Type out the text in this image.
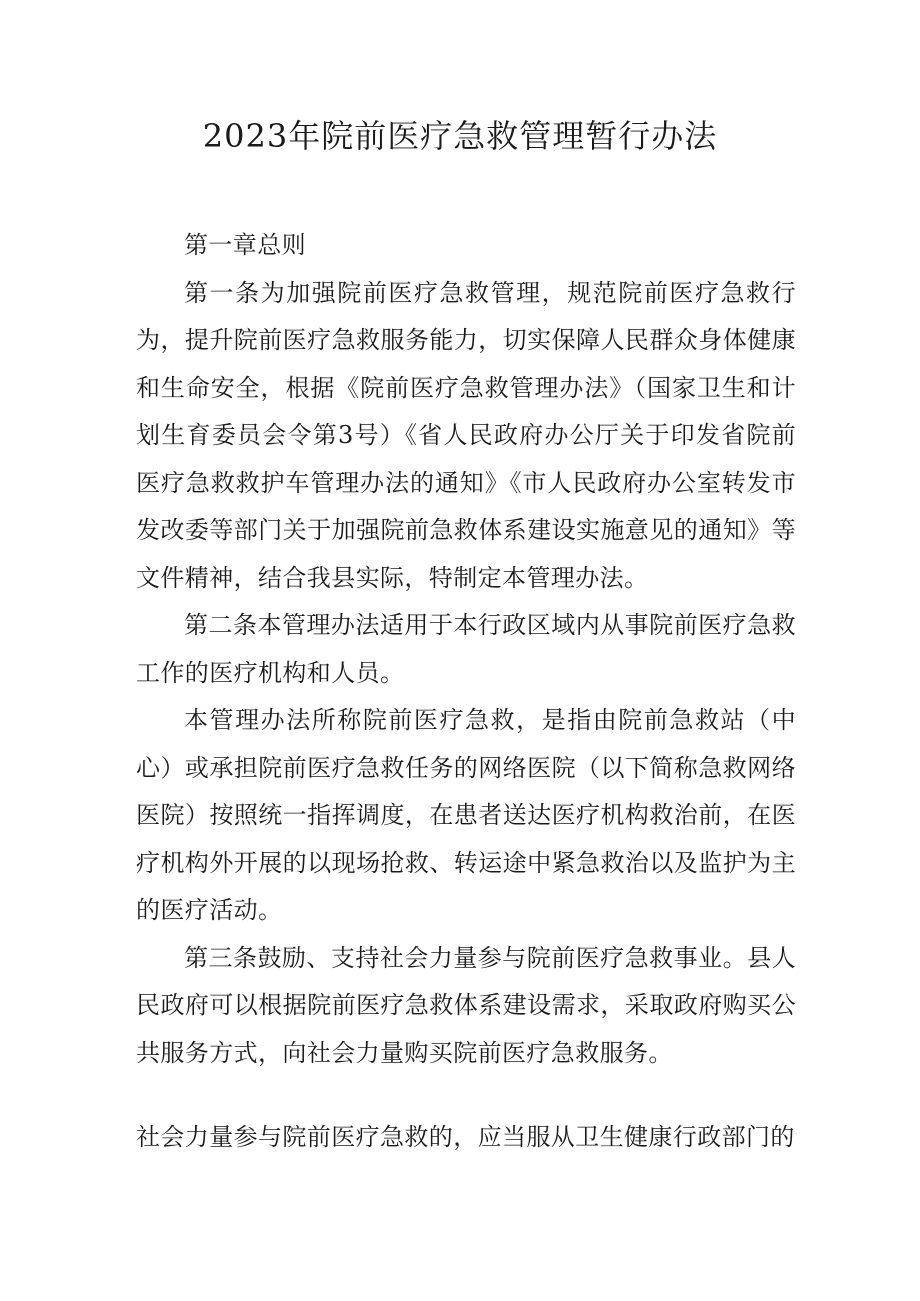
2023年院前医疗急救管理暂行办法

第一章总则

第一条为加强院前医疗急救管理，规范院前医疗急救行为，提升院前医疗急救服务能力，切实保障人民群众身体健康和生命安全，根据《院前医疗急救管理办法》（国家卫生和计划生育委员会令第3号）《省人民政府办公厅关于印发省院前医疗急救救护车管理办法的通知》《市人民政府办公室转发市发改委等部门关于加强院前急救体系建设实施意见的通知》等文件精神，结合我县实际，特制定本管理办法。

第二条本管理办法适用于本行政区域内从事院前医疗急救工作的医疗机构和人员。

本管理办法所称院前医疗急救，是指由院前急救站（中心）或承担院前医疗急救任务的网络医院（以下简称急救网络医院）按照统一指挥调度，在患者送达医疗机构救治前，在医疗机构外开展的以现场抢救、转运途中紧急救治以及监护为主的医疗活动。

第三条鼓励、支持社会力量参与院前医疗急救事业。县人民政府可以根据院前医疗急救体系建设需求，采取政府购买公共服务方式，向社会力量购买院前医疗急救服务。

社会力量参与院前医疗急救的，应当服从卫生健康行政部门的
